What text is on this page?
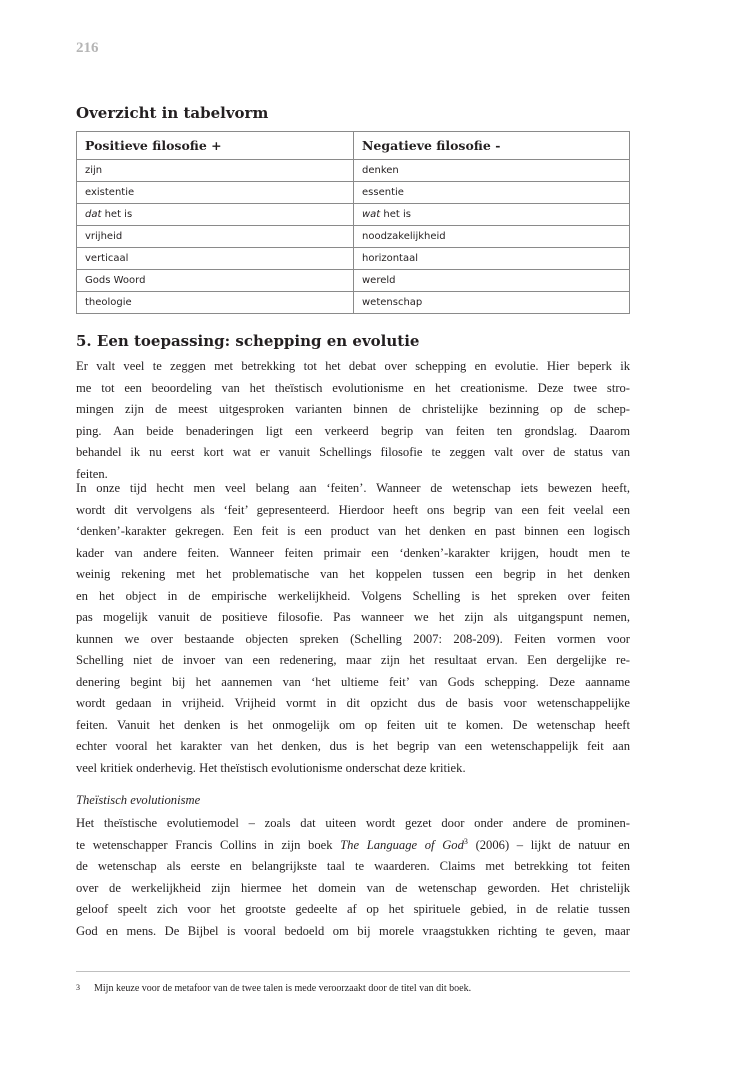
216
Overzicht in tabelvorm
Positieve filosofie +	Negatieve filosofie -
zijn	denken
existentie	essentie
dat het is	wat het is
vrijheid	noodzakelijkheid
verticaal	horizontaal
Gods Woord	wereld
theologie	wetenschap
5. Een toepassing: schepping en evolutie
Er valt veel te zeggen met betrekking tot het debat over schepping en evolutie. Hier beperk ik
me tot een beoordeling van het theïstisch evolutionisme en het creationisme. Deze twee stro-
mingen zijn de meest uitgesproken varianten binnen de christelijke bezinning op de schep-
ping. Aan beide benaderingen ligt een verkeerd begrip van feiten ten grondslag. Daarom
behandel ik nu eerst kort wat er vanuit Schellings filosofie te zeggen valt over de status van
feiten.
In onze tijd hecht men veel belang aan ‘feiten’. Wanneer de wetenschap iets bewezen heeft,
wordt dit vervolgens als ‘feit’ gepresenteerd. Hierdoor heeft ons begrip van een feit veelal een
‘denken’-karakter gekregen. Een feit is een product van het denken en past binnen een logisch
kader van andere feiten. Wanneer feiten primair een ‘denken’-karakter krijgen, houdt men te
weinig rekening met het problematische van het koppelen tussen een begrip in het denken
en het object in de empirische werkelijkheid. Volgens Schelling is het spreken over feiten
pas mogelijk vanuit de positieve filosofie. Pas wanneer we het zijn als uitgangspunt nemen,
kunnen we over bestaande objecten spreken (Schelling 2007: 208-209). Feiten vormen voor
Schelling niet de invoer van een redenering, maar zijn het resultaat ervan. Een dergelijke re-
denering begint bij het aannemen van ‘het ultieme feit’ van Gods schepping. Deze aanname
wordt gedaan in vrijheid. Vrijheid vormt in dit opzicht dus de basis voor wetenschappelijke
feiten. Vanuit het denken is het onmogelijk om op feiten uit te komen. De wetenschap heeft
echter vooral het karakter van het denken, dus is het begrip van een wetenschappelijk feit aan
veel kritiek onderhevig. Het theïstisch evolutionisme onderschat deze kritiek.
Theïstisch evolutionisme
Het theïstische evolutiemodel – zoals dat uiteen wordt gezet door onder andere de prominen-
te wetenschapper Francis Collins in zijn boek The Language of God$^3$ (2006) – lijkt de natuur en
de wetenschap als eerste en belangrijkste taal te waarderen. Claims met betrekking tot feiten
over de werkelijkheid zijn hiermee het domein van de wetenschap geworden. Het christelijk
geloof speelt zich voor het grootste gedeelte af op het spirituele gebied, in de relatie tussen
God en mens. De Bijbel is vooral bedoeld om bij morele vraagstukken richting te geven, maar
3 Mijn keuze voor de metafoor van de twee talen is mede veroorzaakt door de titel van dit boek.
